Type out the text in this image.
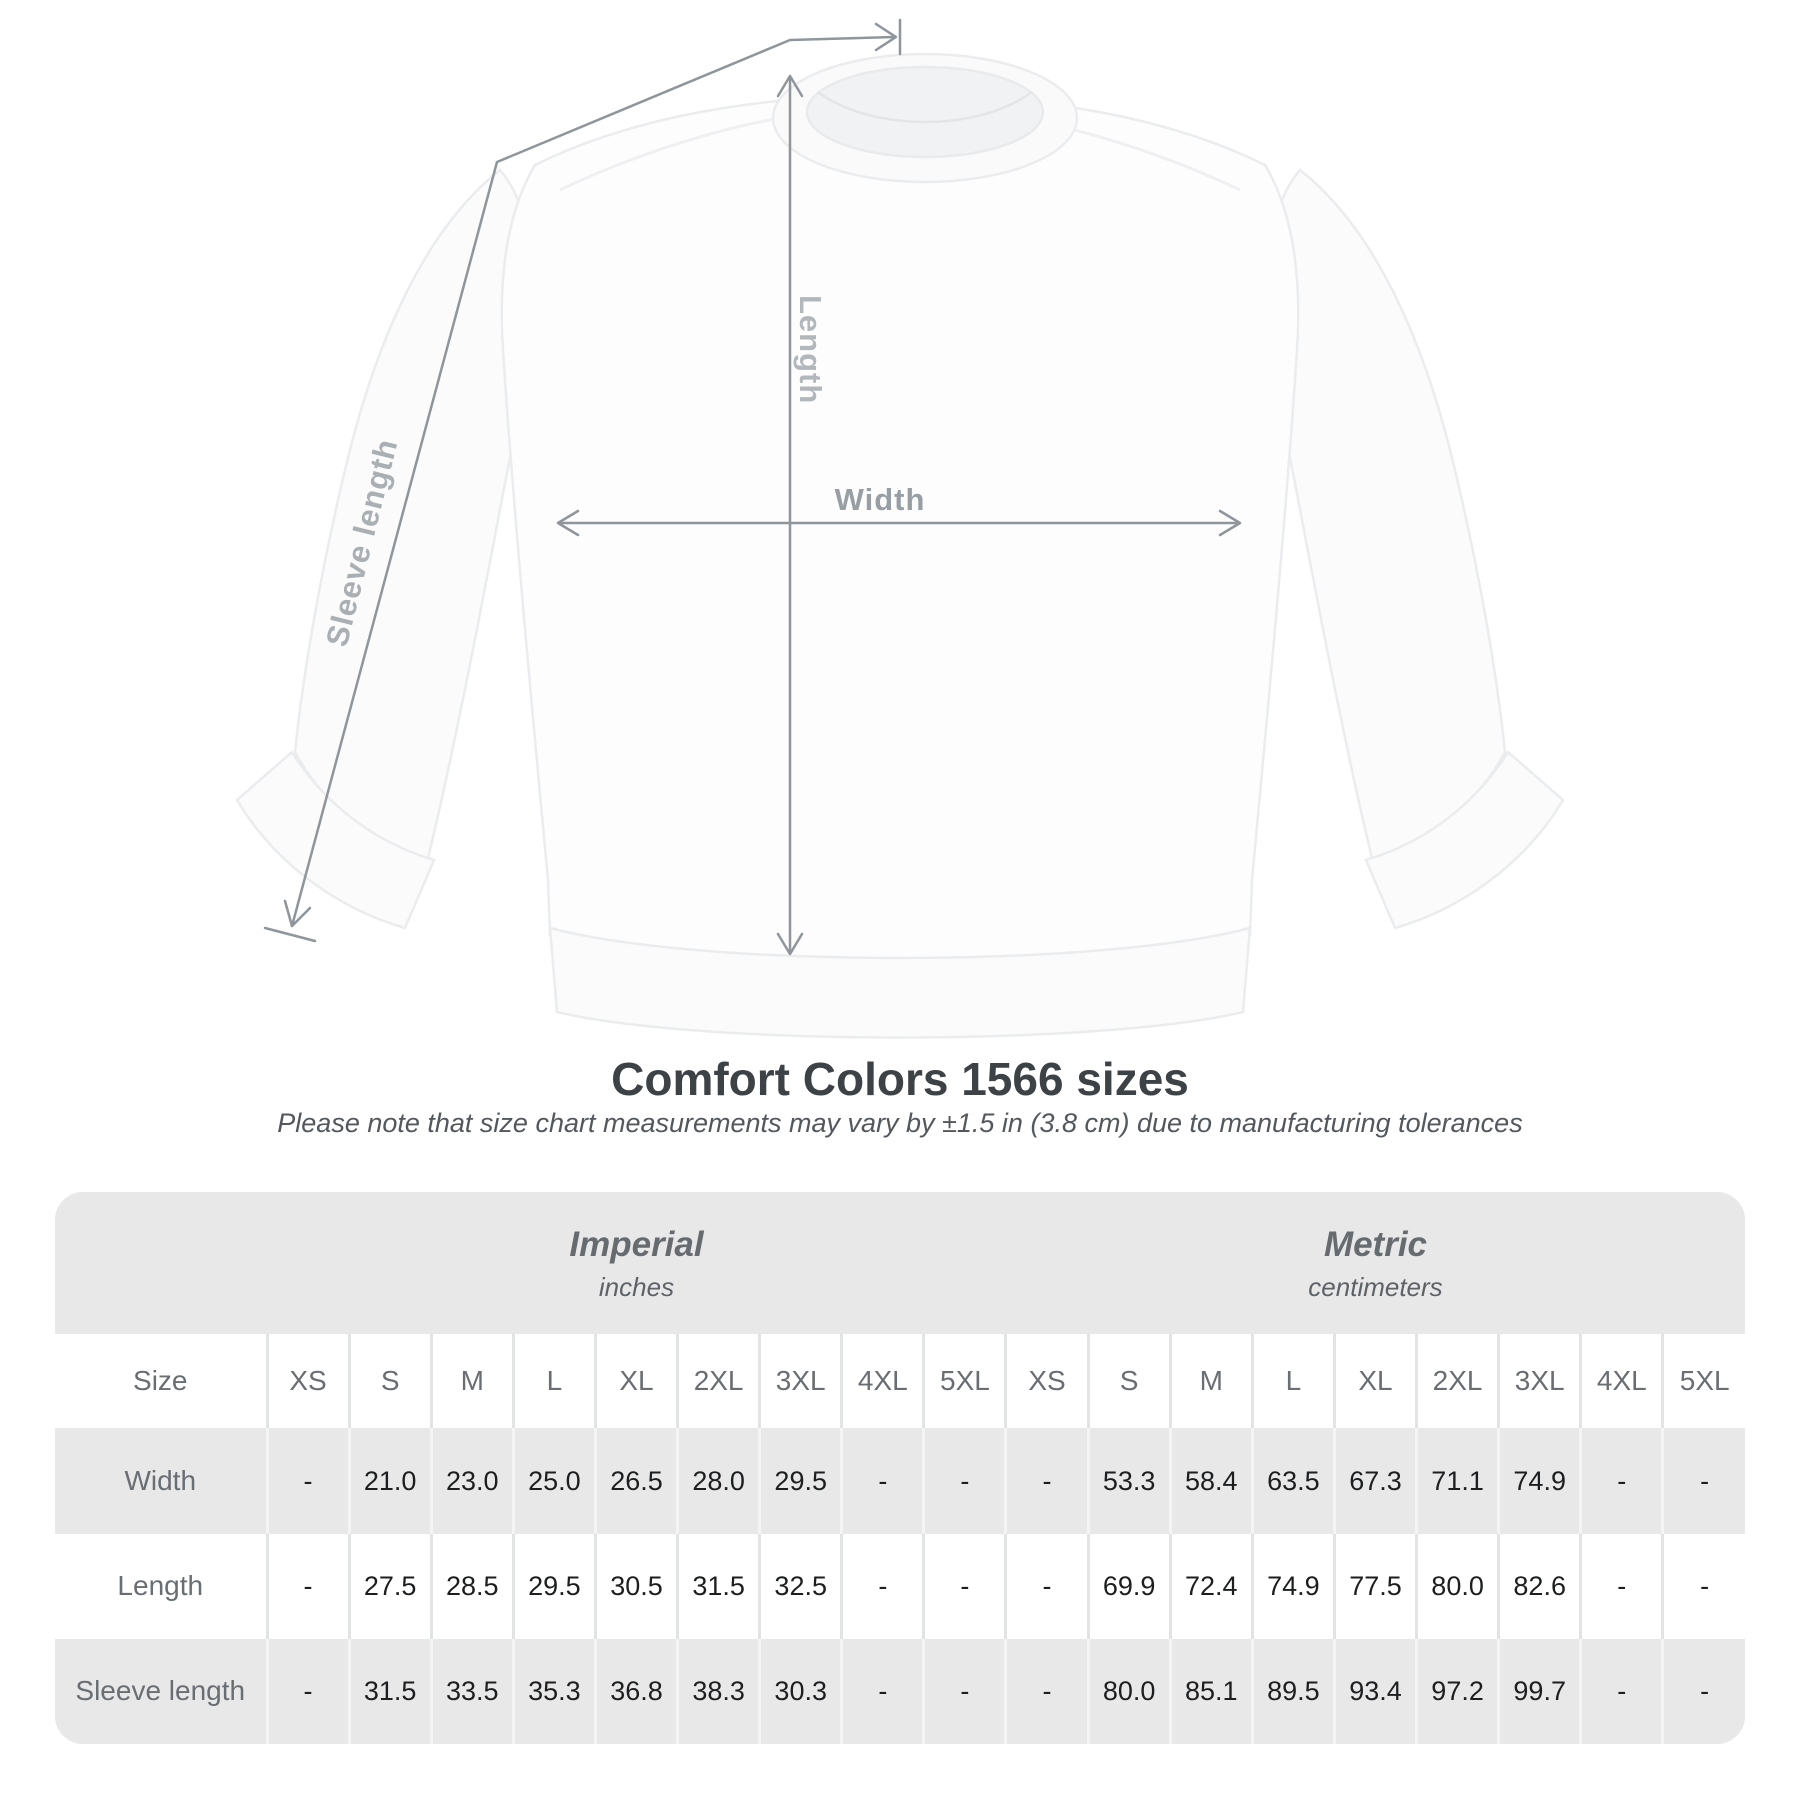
Length
Width
Sleeve length
Comfort Colors 1566 sizes

Please note that size chart measurements may vary by ±1.5 in (3.8 cm) due to manufacturing tolerances

Imperial
inches

Metric
centimeters

Size	XS	S	M	L	XL	2XL	3XL	4XL	5XL	XS	S	M	L	XL	2XL	3XL	4XL	5XL
Width	-	21.0	23.0	25.0	26.5	28.0	29.5	-	-	-	53.3	58.4	63.5	67.3	71.1	74.9	-	-
Length	-	27.5	28.5	29.5	30.5	31.5	32.5	-	-	-	69.9	72.4	74.9	77.5	80.0	82.6	-	-
Sleeve length	-	31.5	33.5	35.3	36.8	38.3	30.3	-	-	-	80.0	85.1	89.5	93.4	97.2	99.7	-	-
